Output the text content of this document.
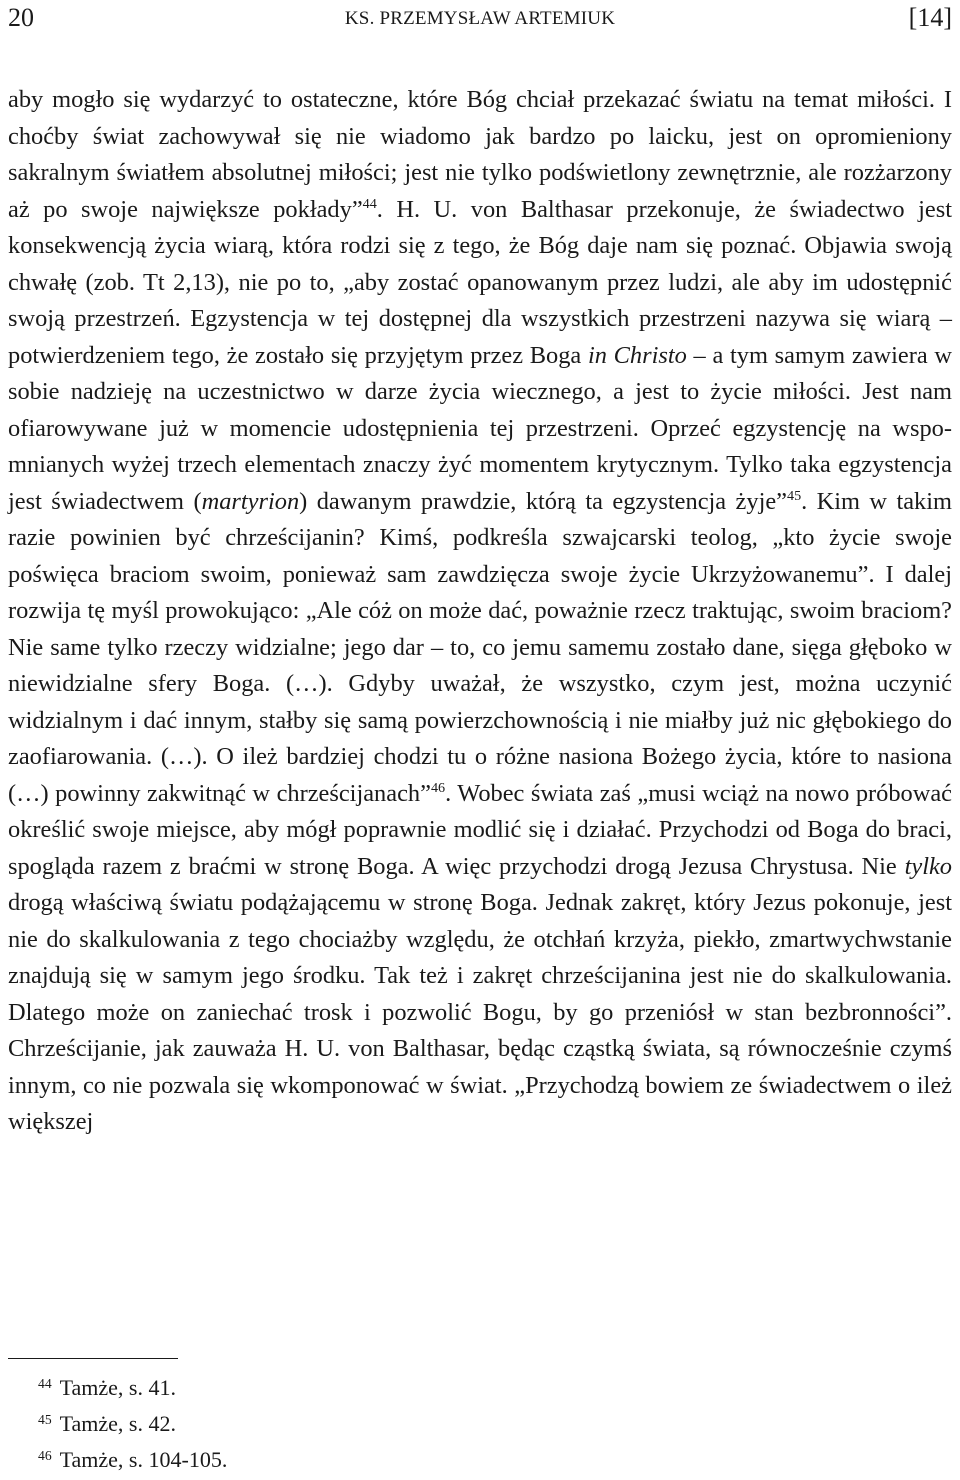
20	KS. PRZEMYSŁAW ARTEMIUK	[14]

aby mogło się wydarzyć to ostateczne, które Bóg chciał przekazać światu na temat miłości. I choćby świat zachowywał się nie wiadomo jak bardzo po laicku, jest on opromieniony sakralnym światłem absolutnej miłości; jest nie tylko podświetlony zewnętrznie, ale rozżarzony aż po swoje największe pokłady”$^{44}$. H. U. von Balthasar przekonuje, że świadectwo jest konsekwencją życia wiarą, która rodzi się z tego, że Bóg daje nam się poznać. Objawia swoją chwałę (zob. Tt 2,13), nie po to, „aby zostać opanowanym przez ludzi, ale aby im udostępnić swoją przestrzeń. Egzystencja w tej dostępnej dla wszystkich przestrzeni nazywa się wiarą – potwierdzeniem tego, że zostało się przyjętym przez Boga in Christo – a tym samym zawiera w sobie nadzieję na uczestnictwo w darze życia wiecznego, a jest to życie miłości. Jest nam ofiarowywane już w momencie udostępnienia tej przestrzeni. Oprzeć egzystencję na wspomnianych wyżej trzech elementach znaczy żyć momentem krytycznym. Tylko taka egzystencja jest świadectwem (martyrion) dawanym prawdzie, którą ta egzystencja żyje”$^{45}$. Kim w takim razie powinien być chrześcijanin? Kimś, podkreśla szwajcarski teolog, „kto życie swoje poświęca braciom swoim, ponieważ sam zawdzięcza swoje życie Ukrzyżowanemu”. I dalej rozwija tę myśl prowokująco: „Ale cóż on może dać, poważnie rzecz traktując, swoim braciom? Nie same tylko rzeczy widzialne; jego dar – to, co jemu samemu zostało dane, sięga głęboko w niewidzialne sfery Boga. (…). Gdyby uważał, że wszystko, czym jest, można uczynić widzialnym i dać innym, stałby się samą powierzchownością i nie miałby już nic głębokiego do zaofiarowania. (…). O ileż bardziej chodzi tu o różne nasiona Bożego życia, które to nasiona (…) powinny zakwitnąć w chrześcijanach”$^{46}$. Wobec świata zaś „musi wciąż na nowo próbować określić swoje miejsce, aby mógł poprawnie modlić się i działać. Przychodzi od Boga do braci, spogląda razem z braćmi w stronę Boga. A więc przychodzi drogą Jezusa Chrystusa. Nie tylko drogą właściwą światu podążającemu w stronę Boga. Jednak zakręt, który Jezus pokonuje, jest nie do skalkulowania z tego chociażby względu, że otchłań krzyża, piekło, zmartwychwstanie znajdują się w samym jego środku. Tak też i zakręt chrześcijanina jest nie do skalkulowania. Dlatego może on zaniechać trosk i pozwolić Bogu, by go przeniósł w stan bezbronności”. Chrześcijanie, jak zauważa H. U. von Balthasar, będąc cząstką świata, są równocześnie czymś innym, co nie pozwala się wkomponować w świat. „Przychodzą bowiem ze świadectwem o ileż większej

$^{44}$ Tamże, s. 41.

$^{45}$ Tamże, s. 42.

$^{46}$ Tamże, s. 104-105.
